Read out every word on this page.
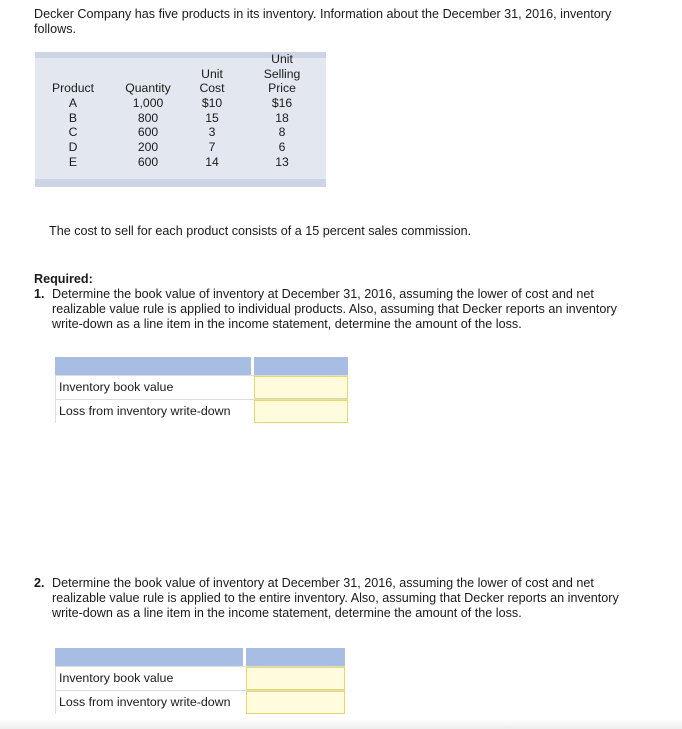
Decker Company has five products in its inventory. Information about the December 31, 2016, inventory follows.

Product
A
B
C
D
E
Quantity
1,000
800
600
200
600
Unit
Cost
$10
15
3
7
14
Unit
Selling
Price
$16
18
8
6
13

The cost to sell for each product consists of a 15 percent sales commission.

Required:

1. Determine the book value of inventory at December 31, 2016, assuming the lower of cost and net realizable value rule is applied to individual products. Also, assuming that Decker reports an inventory write-down as a line item in the income statement, determine the amount of the loss.
Inventory book value
Loss from inventory write-down
2. Determine the book value of inventory at December 31, 2016, assuming the lower of cost and net realizable value rule is applied to the entire inventory. Also, assuming that Decker reports an inventory write-down as a line item in the income statement, determine the amount of the loss.
Inventory book value
Loss from inventory write-down
